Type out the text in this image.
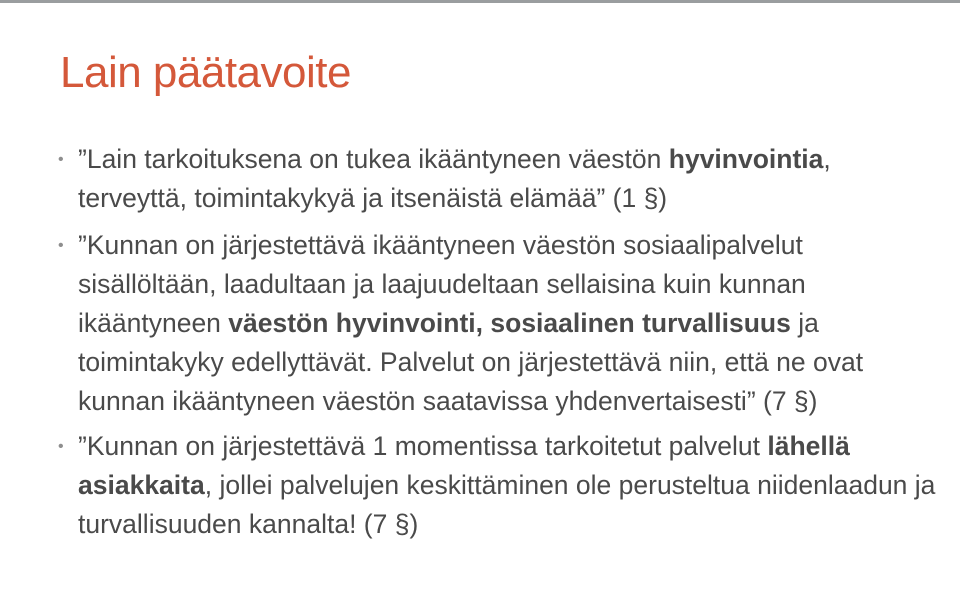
Lain päätavoite
• ”Lain tarkoituksena on tukea ikääntyneen väestön hyvinvointia, terveyttä, toimintakykyä ja itsenäistä elämää” (1 §)
• ”Kunnan on järjestettävä ikääntyneen väestön sosiaalipalvelut sisällöltään, laadultaan ja laajuudeltaan sellaisina kuin kunnan ikääntyneen väestön hyvinvointi, sosiaalinen turvallisuus ja toimintakyky edellyttävät. Palvelut on järjestettävä niin, että ne ovat kunnan ikääntyneen väestön saatavissa yhdenvertaisesti” (7 §)
• ”Kunnan on järjestettävä 1 momentissa tarkoitetut palvelut lähellä asiakkaita, jollei palvelujen keskittäminen ole perusteltua niidenlaadun ja turvallisuuden kannalta! (7 §)
